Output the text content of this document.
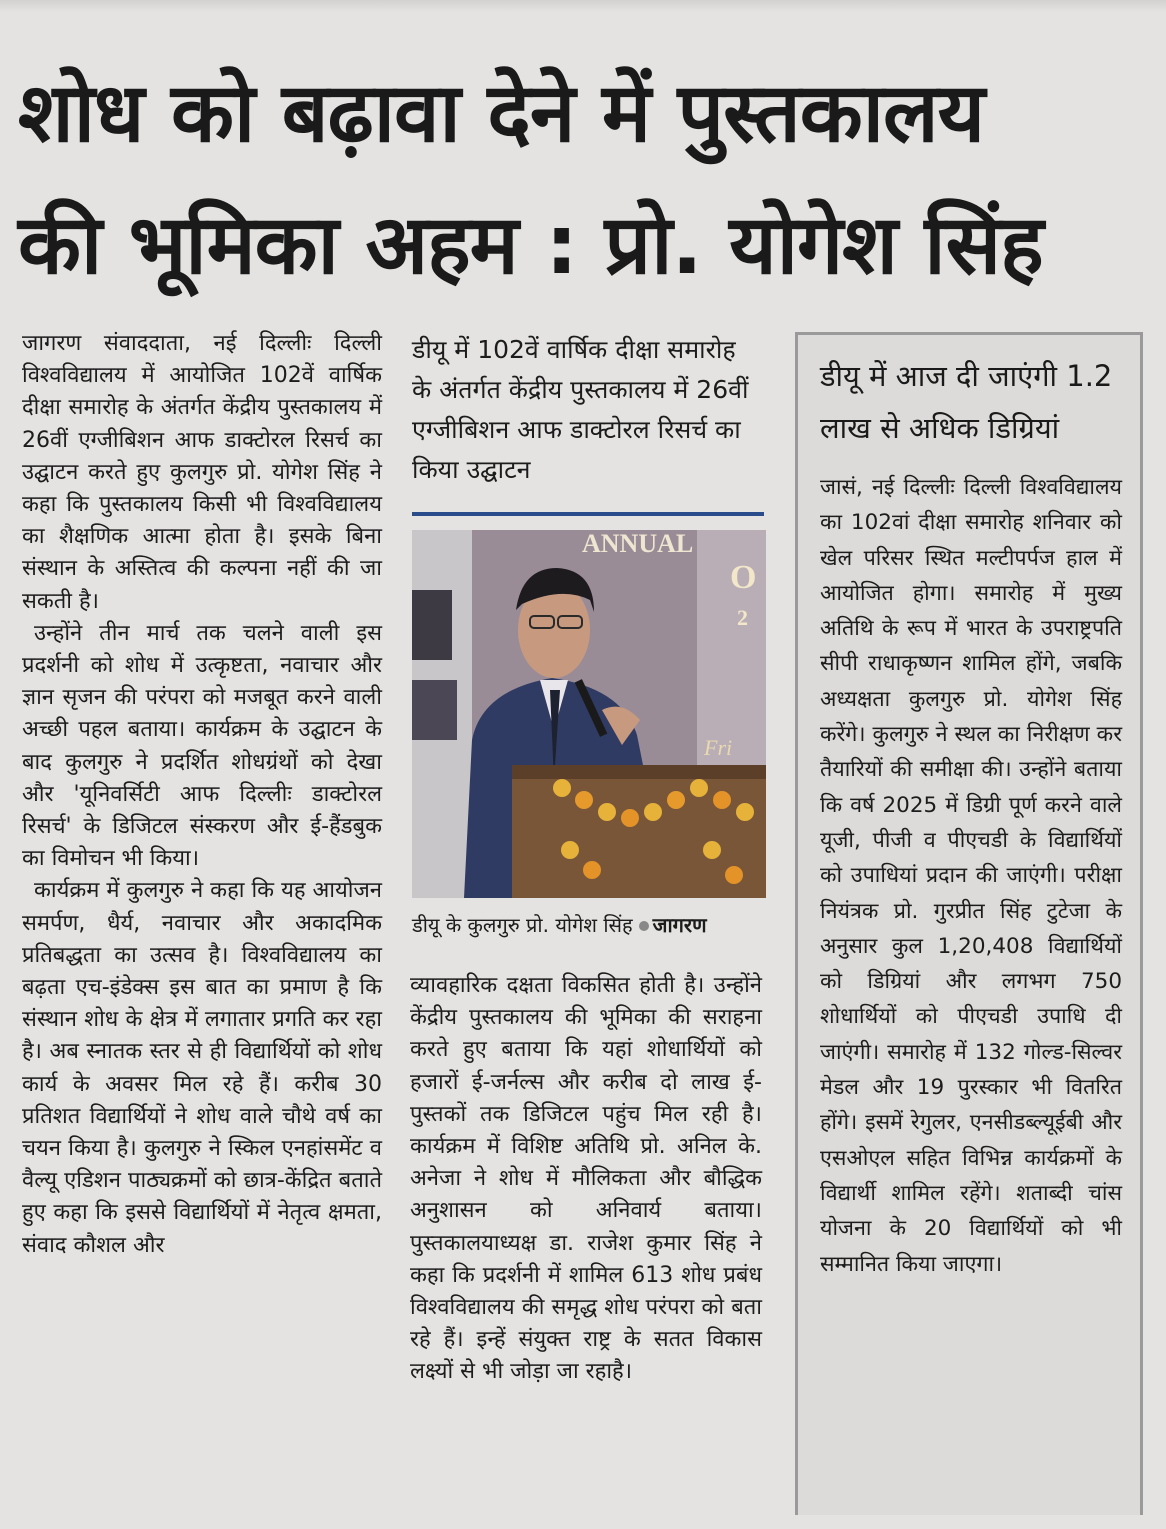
शोध को बढ़ावा देने में पुस्तकालय
की भूमिका अहम : प्रो. योगेश सिंह

जागरण संवाददाता, नई दिल्लीः दिल्ली विश्वविद्यालय में आयोजित 102वें वार्षिक दीक्षा समारोह के अंतर्गत केंद्रीय पुस्तकालय में 26वीं एग्जीबिशन आफ डाक्टोरल रिसर्च का उद्घाटन करते हुए कुलगुरु प्रो. योगेश सिंह ने कहा कि पुस्तकालय किसी भी विश्वविद्यालय का शैक्षणिक आत्मा होता है। इसके बिना संस्थान के अस्तित्व की कल्पना नहीं की जा सकती है।

उन्होंने तीन मार्च तक चलने वाली इस प्रदर्शनी को शोध में उत्कृष्टता, नवाचार और ज्ञान सृजन की परंपरा को मजबूत करने वाली अच्छी पहल बताया। कार्यक्रम के उद्घाटन के बाद कुलगुरु ने प्रदर्शित शोधग्रंथों को देखा और 'यूनिवर्सिटी आफ दिल्लीः डाक्टोरल रिसर्च' के डिजिटल संस्करण और ई-हैंडबुक का विमोचन भी किया।

कार्यक्रम में कुलगुरु ने कहा कि यह आयोजन समर्पण, धैर्य, नवाचार और अकादमिक प्रतिबद्धता का उत्सव है। विश्वविद्यालय का बढ़ता एच-इंडेक्स इस बात का प्रमाण है कि संस्थान शोध के क्षेत्र में लगातार प्रगति कर रहा है। अब स्नातक स्तर से ही विद्यार्थियों को शोध कार्य के अवसर मिल रहे हैं। करीब 30 प्रतिशत विद्यार्थियों ने शोध वाले चौथे वर्ष का चयन किया है। कुलगुरु ने स्किल एनहांसमेंट व वैल्यू एडिशन पाठ्यक्रमों को छात्र-केंद्रित बताते हुए कहा कि इससे विद्यार्थियों में नेतृत्व क्षमता, संवाद कौशल और

डीयू में 102वें वार्षिक दीक्षा समारोह के अंतर्गत केंद्रीय पुस्तकालय में 26वीं एग्जीबिशन आफ डाक्टोरल रिसर्च का किया उद्घाटन
ANNUAL
O
2
Fri
डीयू के कुलगुरु प्रो. योगेश सिंह जागरण

व्यावहारिक दक्षता विकसित होती है। उन्होंने केंद्रीय पुस्तकालय की भूमिका की सराहना करते हुए बताया कि यहां शोधार्थियों को हजारों ई-जर्नल्स और करीब दो लाख ई-पुस्तकों तक डिजिटल पहुंच मिल रही है। कार्यक्रम में विशिष्ट अतिथि प्रो. अनिल के. अनेजा ने शोध में मौलिकता और बौद्धिक अनुशासन को अनिवार्य बताया। पुस्तकालयाध्यक्ष डा. राजेश कुमार सिंह ने कहा कि प्रदर्शनी में शामिल 613 शोध प्रबंध विश्वविद्यालय की समृद्ध शोध परंपरा को बता रहे हैं। इन्हें संयुक्त राष्ट्र के सतत विकास लक्ष्यों से भी जोड़ा जा रहाहै।

डीयू में आज दी जाएंगी 1.2 लाख से अधिक डिग्रियां

जासं, नई दिल्लीः दिल्ली विश्वविद्यालय का 102वां दीक्षा समारोह शनिवार को खेल परिसर स्थित मल्टीपर्पज हाल में आयोजित होगा। समारोह में मुख्य अतिथि के रूप में भारत के उपराष्ट्रपति सीपी राधाकृष्णन शामिल होंगे, जबकि अध्यक्षता कुलगुरु प्रो. योगेश सिंह करेंगे। कुलगुरु ने स्थल का निरीक्षण कर तैयारियों की समीक्षा की। उन्होंने बताया कि वर्ष 2025 में डिग्री पूर्ण करने वाले यूजी, पीजी व पीएचडी के विद्यार्थियों को उपाधियां प्रदान की जाएंगी। परीक्षा नियंत्रक प्रो. गुरप्रीत सिंह टुटेजा के अनुसार कुल 1,20,408 विद्यार्थियों को डिग्रियां और लगभग 750 शोधार्थियों को पीएचडी उपाधि दी जाएंगी। समारोह में 132 गोल्ड-सिल्वर मेडल और 19 पुरस्कार भी वितरित होंगे। इसमें रेगुलर, एनसीडब्ल्यूईबी और एसओएल सहित विभिन्न कार्यक्रमों के विद्यार्थी शामिल रहेंगे। शताब्दी चांस योजना के 20 विद्यार्थियों को भी सम्मानित किया जाएगा।
